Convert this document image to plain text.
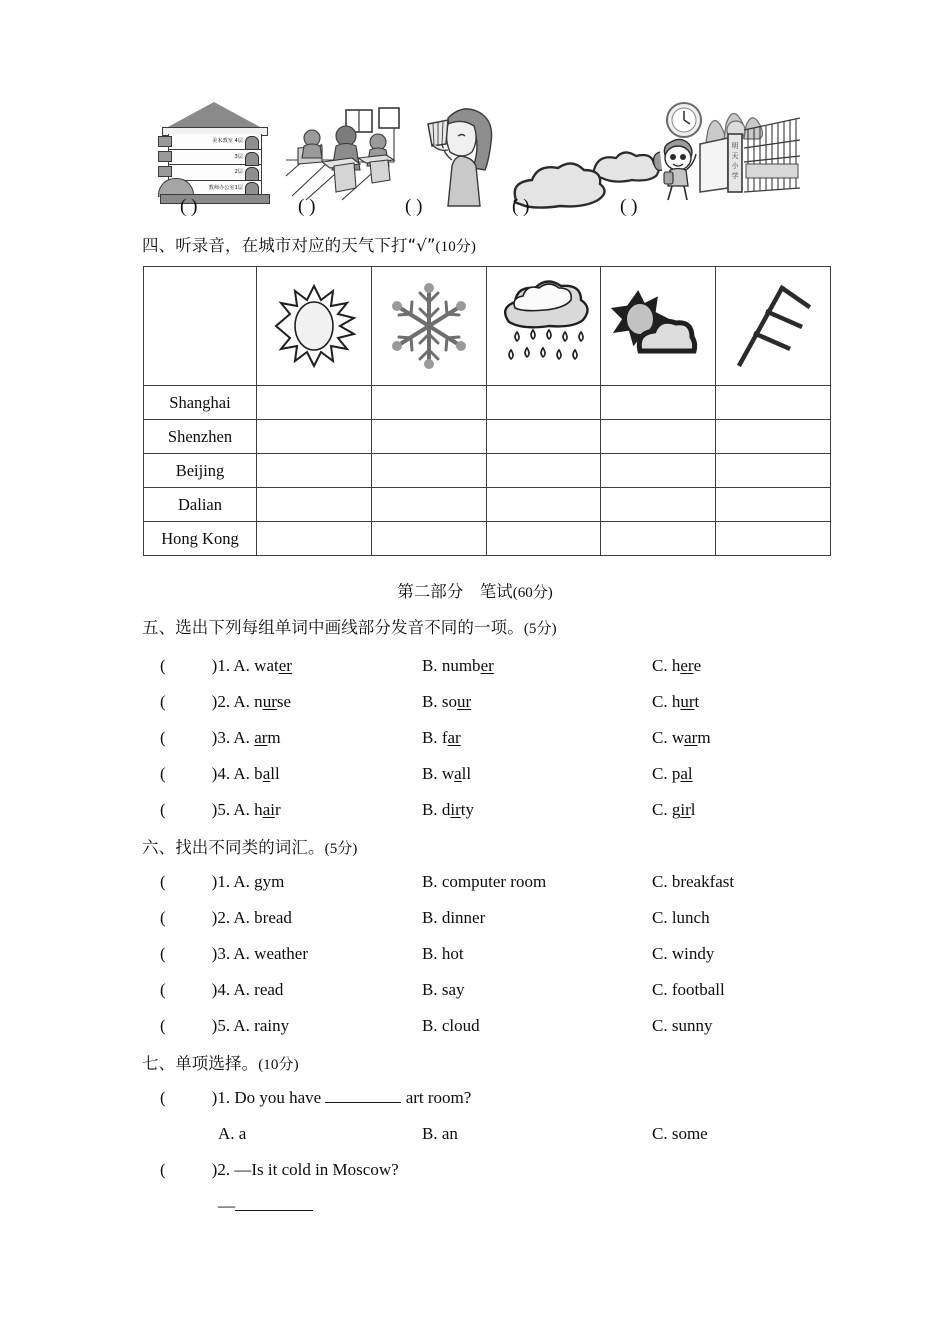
美术教室 4层
3层
2层
教师办公室1层
明
天
小
学
( )	( )	( )	( )	( )
四、听录音，在城市对应的天气下打“√”(10分)

Shanghai					
Shenzhen					
Beijing					
Dalian					
Hong Kong					
第二部分　笔试(60分)
五、选出下列每组单词中画线部分发音不同的一项。(5分)
(	)1. A. water	B. number	C. here
(	)2. A. nurse	B. sour	C. hurt
(	)3. A. arm	B. far	C. warm
(	)4. A. ball	B. wall	C. pal
(	)5. A. hair	B. dirty	C. girl
六、找出不同类的词汇。(5分)
(	)1. A. gym	B. computer room	C. breakfast
(	)2. A. bread	B. dinner	C. lunch
(	)3. A. weather	B. hot	C. windy
(	)4. A. read	B. say	C. football
(	)5. A. rainy	B. cloud	C. sunny
七、单项选择。(10分)
(	)1. Do you have	art room?
A. a	B. an	C. some
(	)2. —Is it cold in Moscow?
—
